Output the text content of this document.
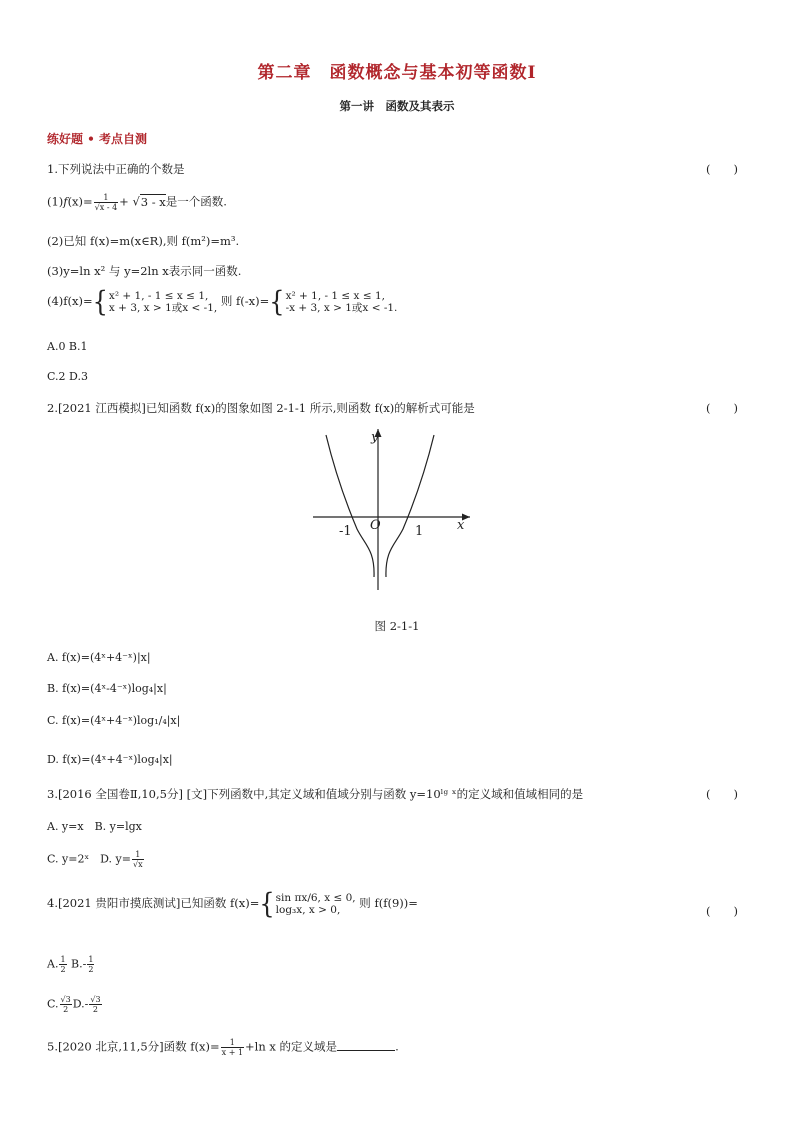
第二章　函数概念与基本初等函数Ⅰ
第一讲　函数及其表示
练好题 • 考点自测
1.下列说法中正确的个数是	(　　)
$(1)f(x)= \frac{1}{√x - 4} + √3 - x$是一个函数.
(2)已知 f(x)=m(x∈R),则 f(m²)=m³.
(3)y=ln x² 与 y=2ln x表示同一函数.
(4)f(x)={ x² + 1, - 1 ≤ x ≤ 1,
x + 3, x > 1或x < -1, 则 f(-x)={ x² + 1, - 1 ≤ x ≤ 1,
-x + 3, x > 1或x < -1.
A.0 B.1
C.2 D.3
2.[2021 江西模拟]已知函数 f(x)的图象如图 2-1-1 所示,则函数 f(x)的解析式可能是	(　　)
y
x
O
-1	1
图 2-1-1
A. f(x)=(4ˣ+4⁻ˣ)|x|
B. f(x)=(4ˣ-4⁻ˣ)log₄|x|
C. f(x)=(4ˣ+4⁻ˣ)log₁/₄|x|
D. f(x)=(4ˣ+4⁻ˣ)log₄|x|
3.[2016 全国卷Ⅱ,10,5分] [文]下列函数中,其定义域和值域分别与函数 y=10ˡᵍ ˣ的定义域和值域相同的是	(　　)
A. y=x　B. y=lgx
C. y=2ˣ　 D. $y= \frac{1}{√x}$
4.[2021 贵阳市摸底测试]已知函数 f(x)={ sin πx/6, x ≤ 0,
log₃x, x > 0,	则 f(f(9))=
(　　)
A. $\frac{1}{2} B.- \frac{1}{2}$
C. $\frac{√3}{2} D.- \frac{√3}{2}$
5.[2020 北京,11,5分]函数 $f(x)= \frac{1}{x + 1} +\ln$ x 的定义域是	.
